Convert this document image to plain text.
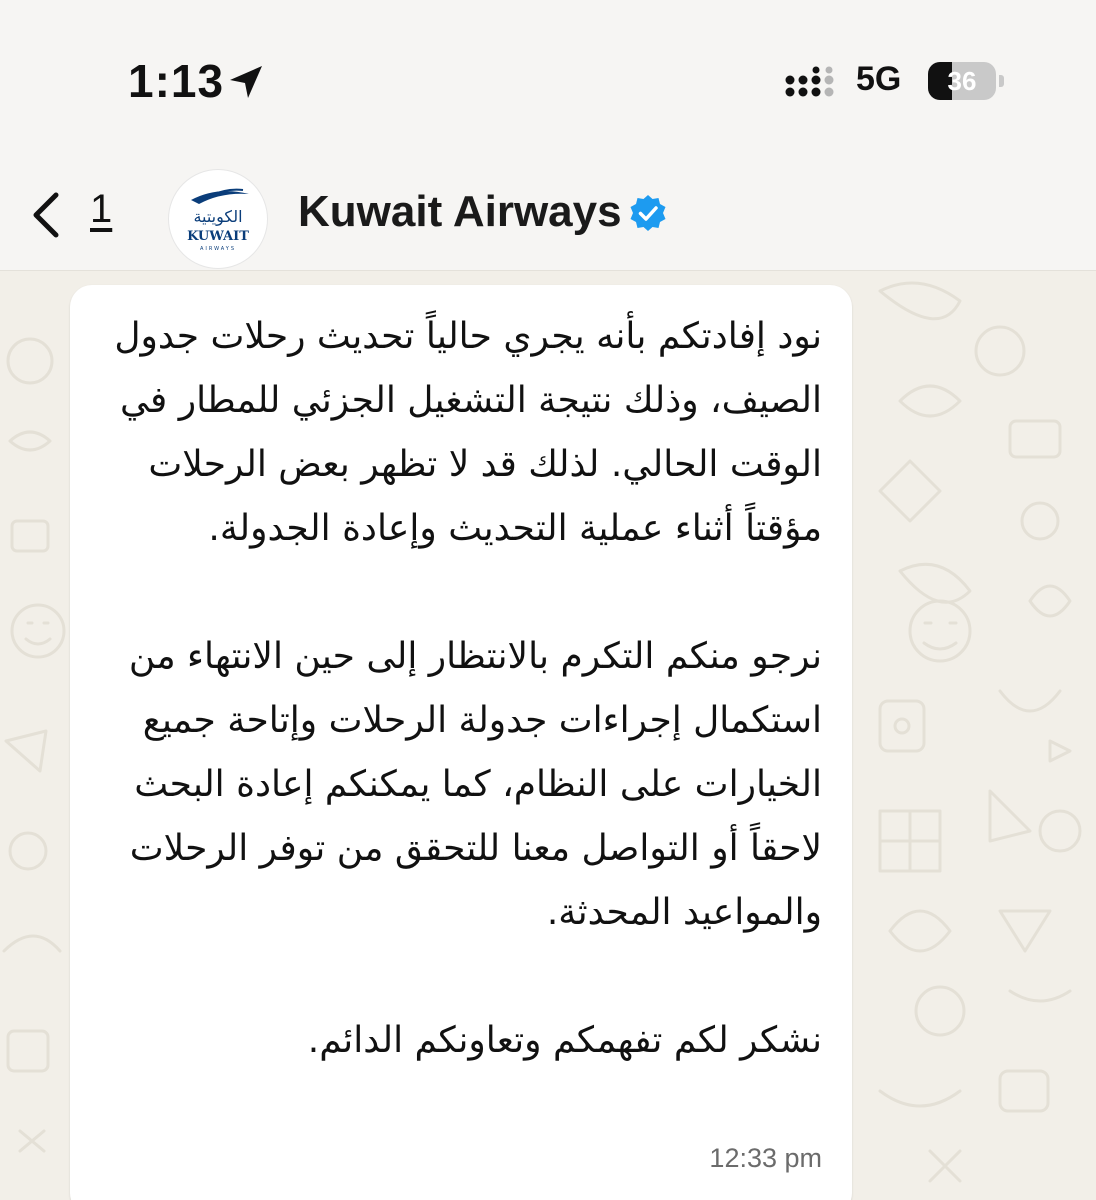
1:13	5G	36
1	الكويتية
KUWAIT
AIRWAYS
Kuwait Airways

نود إفادتكم بأنه يجري حالياً تحديث رحلات جدول الصيف، وذلك نتيجة التشغيل الجزئي للمطار في الوقت الحالي. لذلك قد لا تظهر بعض الرحلات مؤقتاً أثناء عملية التحديث وإعادة الجدولة.

نرجو منكم التكرم بالانتظار إلى حين الانتهاء من استكمال إجراءات جدولة الرحلات وإتاحة جميع الخيارات على النظام، كما يمكنكم إعادة البحث لاحقاً أو التواصل معنا للتحقق من توفر الرحلات والمواعيد المحدثة.

نشكر لكم تفهمكم وتعاونكم الدائم.

12:33 pm
